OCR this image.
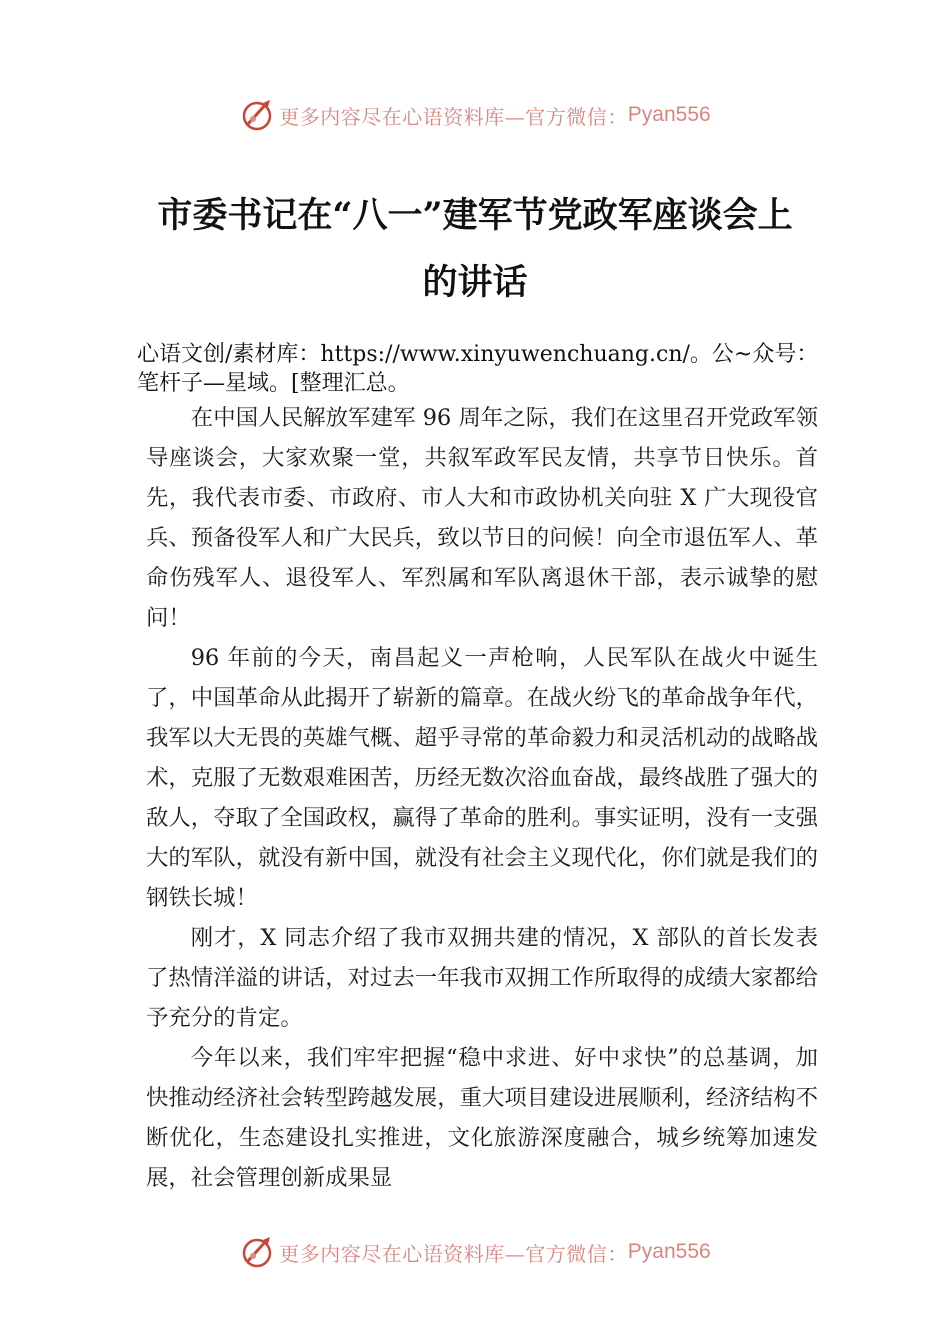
更多内容尽在心语资料库—官方微信： Pyan556
市委书记在“八一”建军节党政军座谈会上
的讲话
心语文创/素材库：https://www.xinyuwenchuang.cn/。公~众号：笔杆子—星域。[整理汇总。

在中国人民解放军建军 96 周年之际，我们在这里召开党政军领导座谈会，大家欢聚一堂，共叙军政军民友情，共享节日快乐。首先，我代表市委、市政府、市人大和市政协机关向驻 X 广大现役官兵、预备役军人和广大民兵，致以节日的问候！向全市退伍军人、革命伤残军人、退役军人、军烈属和军队离退休干部，表示诚挚的慰问！

96 年前的今天，南昌起义一声枪响，人民军队在战火中诞生了，中国革命从此揭开了崭新的篇章。在战火纷飞的革命战争年代，我军以大无畏的英雄气概、超乎寻常的革命毅力和灵活机动的战略战术，克服了无数艰难困苦，历经无数次浴血奋战，最终战胜了强大的敌人，夺取了全国政权，赢得了革命的胜利。事实证明，没有一支强大的军队，就没有新中国，就没有社会主义现代化，你们就是我们的钢铁长城！

刚才，X 同志介绍了我市双拥共建的情况，X 部队的首长发表了热情洋溢的讲话，对过去一年我市双拥工作所取得的成绩大家都给予充分的肯定。

今年以来，我们牢牢把握“稳中求进、好中求快”的总基调，加快推动经济社会转型跨越发展，重大项目建设进展顺利，经济结构不断优化，生态建设扎实推进，文化旅游深度融合，城乡统筹加速发展，社会管理创新成果显

更多内容尽在心语资料库—官方微信： Pyan556
